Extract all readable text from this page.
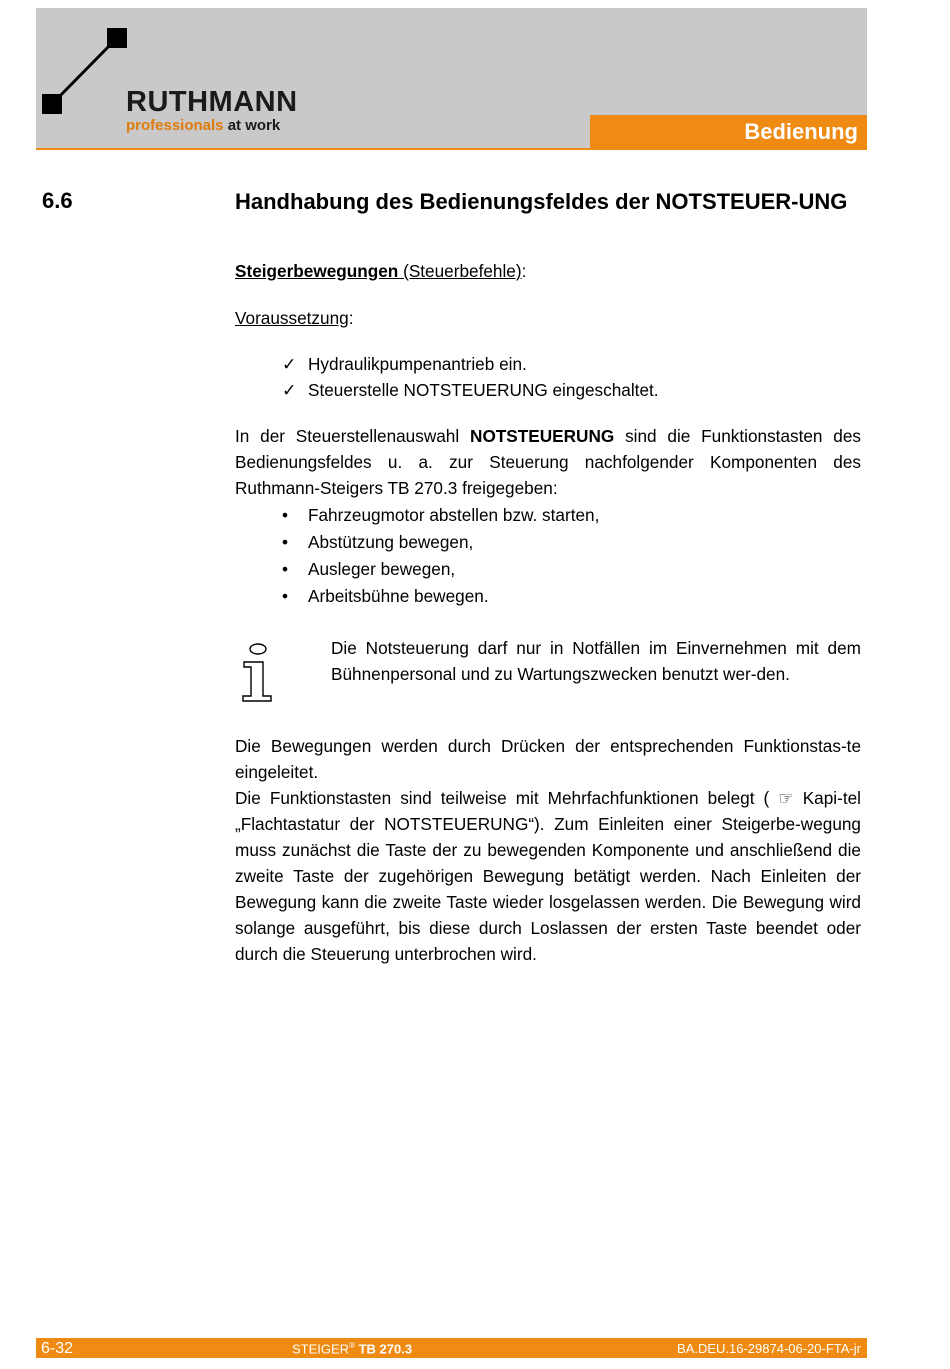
RUTHMANN
professionals at work	Bedienung
6.6	Handhabung des Bedienungsfeldes der NOTSTEUER-UNG
Steigerbewegungen (Steuerbefehle):
Voraussetzung:
✓ Hydraulikpumpenantrieb ein.
✓ Steuerstelle NOTSTEUERUNG eingeschaltet.
In der Steuerstellenauswahl NOTSTEUERUNG sind die Funktionstasten des Bedienungsfeldes u. a. zur Steuerung nachfolgender Komponenten des Ruthmann-Steigers TB 270.3 freigegeben:
• Fahrzeugmotor abstellen bzw. starten,
• Abstützung bewegen,
• Ausleger bewegen,
• Arbeitsbühne bewegen.
Die Notsteuerung darf nur in Notfällen im Einvernehmen mit dem Bühnenpersonal und zu Wartungszwecken benutzt wer-den.
Die Bewegungen werden durch Drücken der entsprechenden Funktionstas-te eingeleitet.
Die Funktionstasten sind teilweise mit Mehrfachfunktionen belegt ( ☞ Kapi-tel „Flachtastatur der NOTSTEUERUNG“). Zum Einleiten einer Steigerbe-wegung muss zunächst die Taste der zu bewegenden Komponente und anschließend die zweite Taste der zugehörigen Bewegung betätigt werden. Nach Einleiten der Bewegung kann die zweite Taste wieder losgelassen werden. Die Bewegung wird solange ausgeführt, bis diese durch Loslassen der ersten Taste beendet oder durch die Steuerung unterbrochen wird.
6-32	STEIGER® TB 270.3	BA.DEU.16-29874-06-20-FTA-jr
